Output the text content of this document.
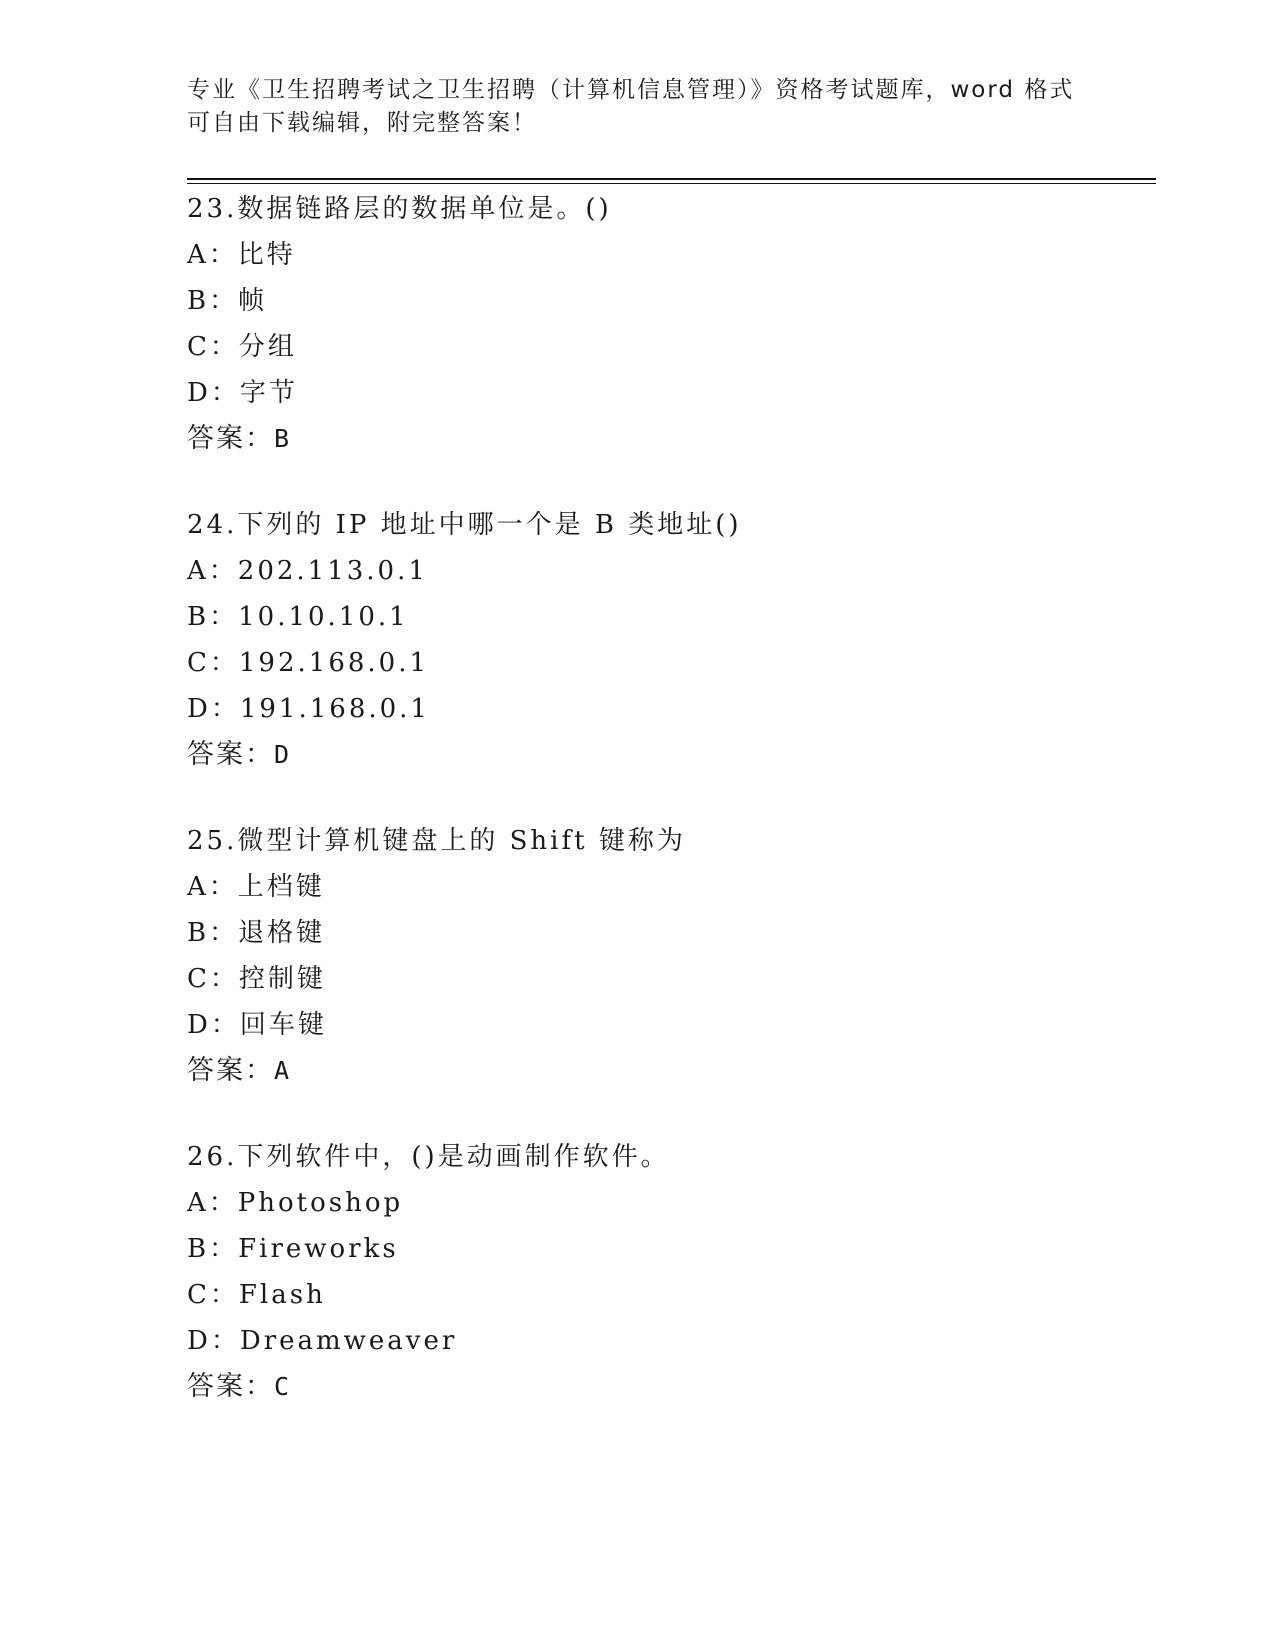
专业《卫生招聘考试之卫生招聘（计算机信息管理）》资格考试题库，word 格式
可自由下载编辑，附完整答案！
23.数据链路层的数据单位是。()
A：比特
B：帧
C：分组
D：字节
答案：B
24.下列的 IP 地址中哪一个是 B 类地址()
A：202.113.0.1
B：10.10.10.1
C：192.168.0.1
D：191.168.0.1
答案：D
25.微型计算机键盘上的 Shift 键称为
A：上档键
B：退格键
C：控制键
D：回车键
答案：A
26.下列软件中，()是动画制作软件。
A：Photoshop
B：Fireworks
C：Flash
D：Dreamweaver
答案：C
